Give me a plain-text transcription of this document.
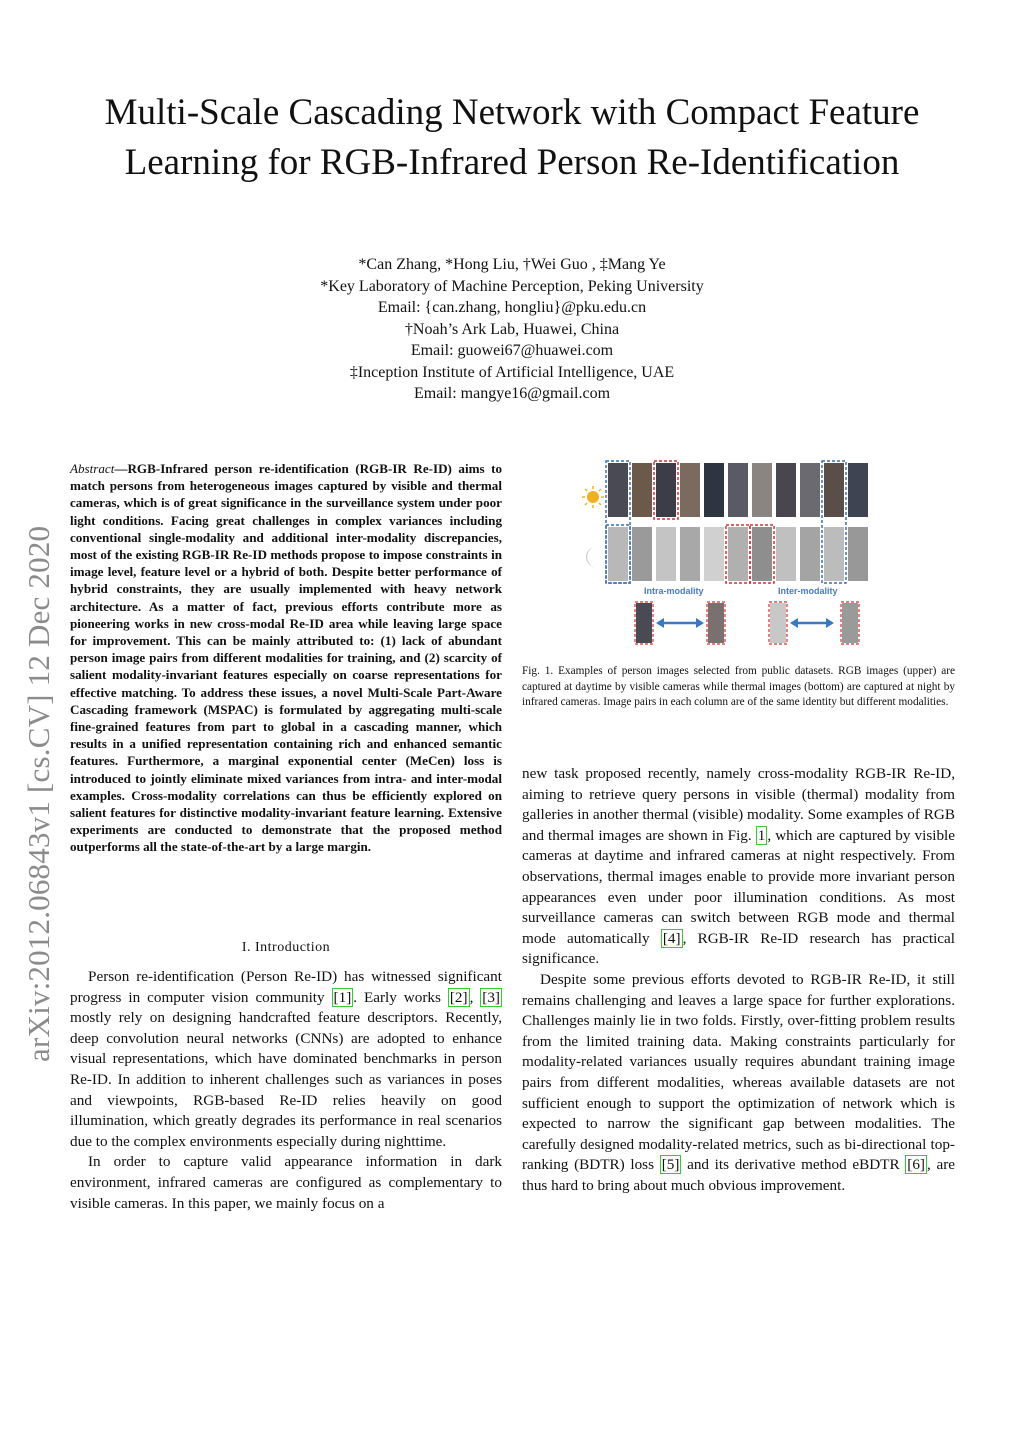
Multi-Scale Cascading Network with Compact Feature Learning for RGB-Infrared Person Re-Identification
*Can Zhang, *Hong Liu, †Wei Guo , ‡Mang Ye
*Key Laboratory of Machine Perception, Peking University
Email: {can.zhang, hongliu}@pku.edu.cn
†Noah’s Ark Lab, Huawei, China
Email: guowei67@huawei.com
‡Inception Institute of Artificial Intelligence, UAE
Email: mangye16@gmail.com
arXiv:2012.06843v1 [cs.CV] 12 Dec 2020
Abstract—RGB-Infrared person re-identification (RGB-IR Re-ID) aims to match persons from heterogeneous images captured by visible and thermal cameras, which is of great significance in the surveillance system under poor light conditions. Facing great challenges in complex variances including conventional single-modality and additional inter-modality discrepancies, most of the existing RGB-IR Re-ID methods propose to impose constraints in image level, feature level or a hybrid of both. Despite better performance of hybrid constraints, they are usually implemented with heavy network architecture. As a matter of fact, previous efforts contribute more as pioneering works in new cross-modal Re-ID area while leaving large space for improvement. This can be mainly attributed to: (1) lack of abundant person image pairs from different modalities for training, and (2) scarcity of salient modality-invariant features especially on coarse representations for effective matching. To address these issues, a novel Multi-Scale Part-Aware Cascading framework (MSPAC) is formulated by aggregating multi-scale fine-grained features from part to global in a cascading manner, which results in a unified representation containing rich and enhanced semantic features. Furthermore, a marginal exponential center (MeCen) loss is introduced to jointly eliminate mixed variances from intra- and inter-modal examples. Cross-modality correlations can thus be efficiently explored on salient features for distinctive modality-invariant feature learning. Extensive experiments are conducted to demonstrate that the proposed method outperforms all the state-of-the-art by a large margin.
I. Introduction

Person re-identification (Person Re-ID) has witnessed significant progress in computer vision community [1] . Early works [2] , [3] mostly rely on designing handcrafted feature descriptors. Recently, deep convolution neural networks (CNNs) are adopted to enhance visual representations, which have dominated benchmarks in person Re-ID. In addition to inherent challenges such as variances in poses and viewpoints, RGB-based Re-ID relies heavily on good illumination, which greatly degrades its performance in real scenarios due to the complex environments especially during nighttime.

In order to capture valid appearance information in dark environment, infrared cameras are configured as complementary to visible cameras. In this paper, we mainly focus on a

Intra-modality	Inter-modality
Fig. 1. Examples of person images selected from public datasets. RGB images (upper) are captured at daytime by visible cameras while thermal images (bottom) are captured at night by infrared cameras. Image pairs in each column are of the same identity but different modalities.

new task proposed recently, namely cross-modality RGB-IR Re-ID, aiming to retrieve query persons in visible (thermal) modality from galleries in another thermal (visible) modality. Some examples of RGB and thermal images are shown in Fig. 1 , which are captured by visible cameras at daytime and infrared cameras at night respectively. From observations, thermal images enable to provide more invariant person appearances even under poor illumination conditions. As most surveillance cameras can switch between RGB mode and thermal mode automatically [4] , RGB-IR Re-ID research has practical significance.

Despite some previous efforts devoted to RGB-IR Re-ID, it still remains challenging and leaves a large space for further explorations. Challenges mainly lie in two folds. Firstly, over-fitting problem results from the limited training data. Making constraints particularly for modality-related variances usually requires abundant training image pairs from different modalities, whereas available datasets are not sufficient enough to support the optimization of network which is expected to narrow the significant gap between modalities. The carefully designed modality-related metrics, such as bi-directional top-ranking (BDTR) loss [5] and its derivative method eBDTR [6] , are thus hard to bring about much obvious improvement.
